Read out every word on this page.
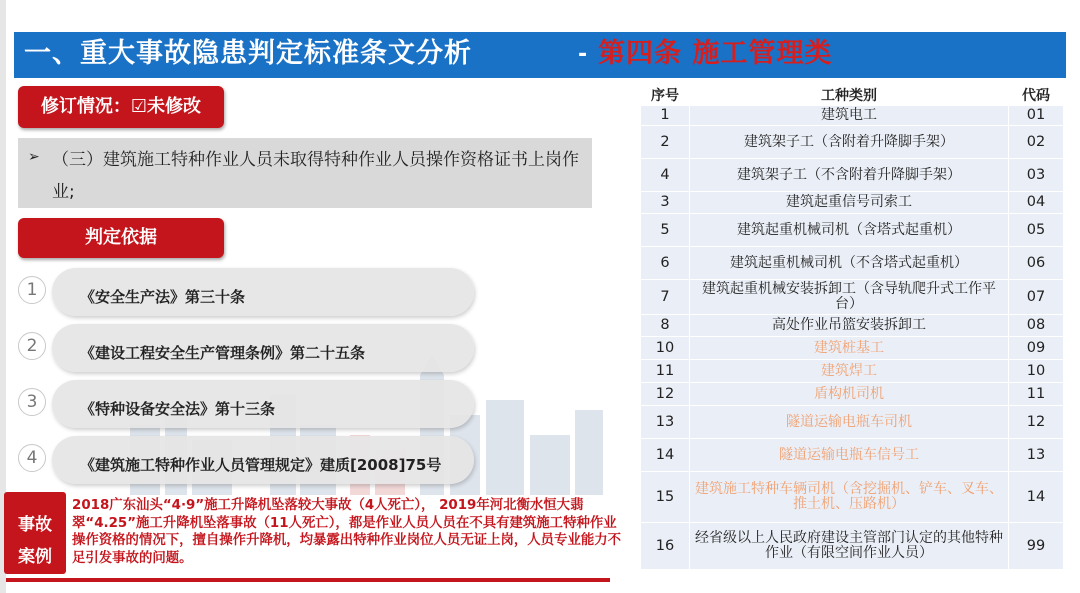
一、重大事故隐患判定标准条文分析	- 第四条 施工管理类
修订情况：☑未修改
➢ （三）建筑施工特种作业人员未取得特种作业人员操作资格证书上岗作业;
判定依据
1	《安全生产法》第三十条
2	《建设工程安全生产管理条例》第二十五条
3	《特种设备安全法》第十三条
4	《建筑施工特种作业人员管理规定》建质[2008]75号
事故
案例
2018广东汕头“4·9”施工升降机坠落较大事故（4人死亡）， 2019年河北衡水恒大翡翠“4.25”施工升降机坠落事故（11人死亡），都是作业人员人员在不具有建筑施工特种作业操作资格的情况下，擅自操作升降机，均暴露出特种作业岗位人员无证上岗，人员专业能力不足引发事故的问题。
序号	工种类别	代码
1	建筑电工	01
2	建筑架子工（含附着升降脚手架）	02
4	建筑架子工（不含附着升降脚手架）	03
3	建筑起重信号司索工	04
5	建筑起重机械司机（含塔式起重机）	05
6	建筑起重机械司机（不含塔式起重机）	06
7	建筑起重机械安装拆卸工（含导轨爬升式工作平台）	07
8	高处作业吊篮安装拆卸工	08
10	建筑桩基工	09
11	建筑焊工	10
12	盾构机司机	11
13	隧道运输电瓶车司机	12
14	隧道运输电瓶车信号工	13
15	建筑施工特种车辆司机（含挖掘机、铲车、叉车、推土机、压路机）	14
16	经省级以上人民政府建设主管部门认定的其他特种作业（有限空间作业人员）	99
